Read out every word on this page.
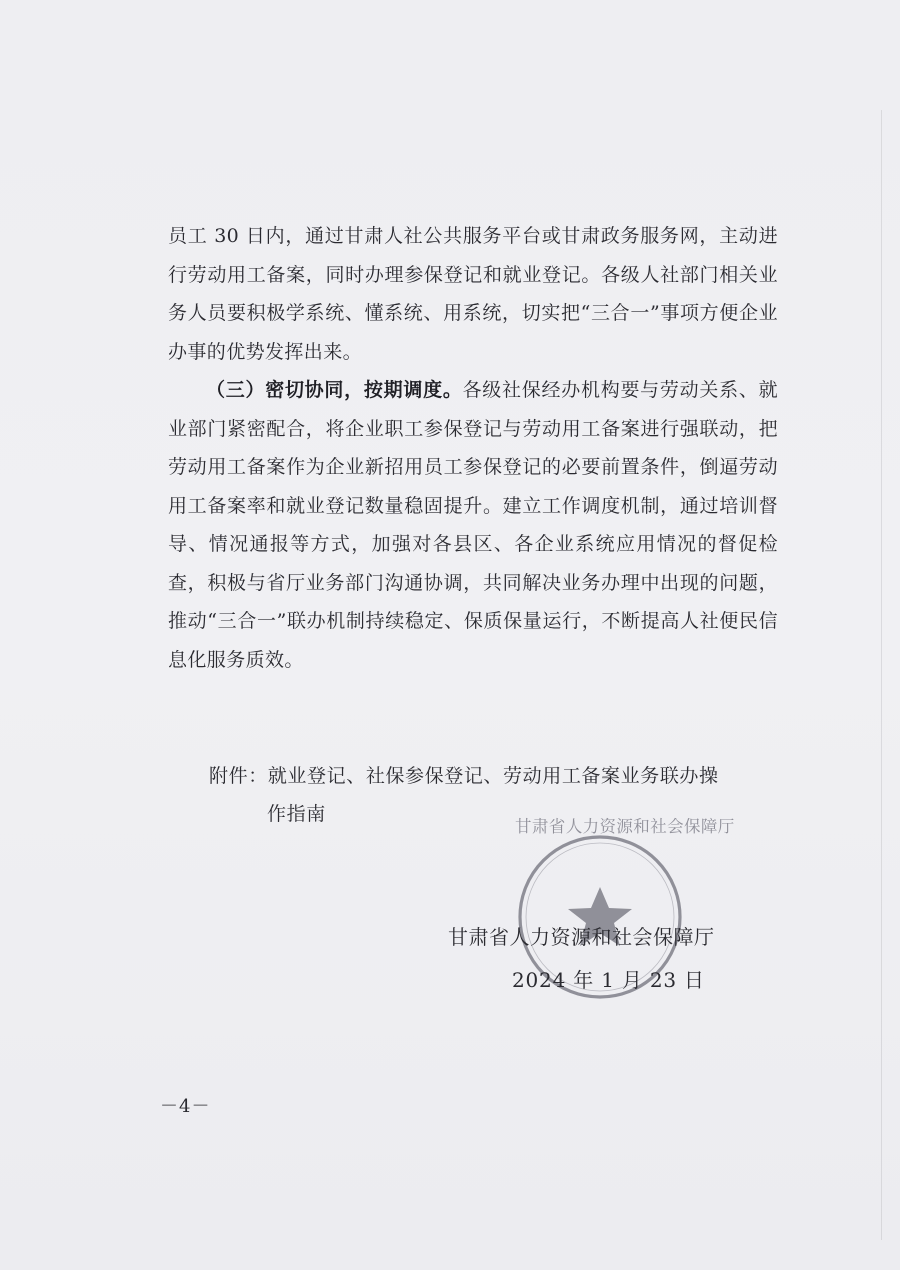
员工 30 日内，通过甘肃人社公共服务平台或甘肃政务服务网，主动进行劳动用工备案，同时办理参保登记和就业登记。各级人社部门相关业务人员要积极学系统、懂系统、用系统，切实把“三合一”事项方便企业办事的优势发挥出来。

（三）密切协同，按期调度。各级社保经办机构要与劳动关系、就业部门紧密配合，将企业职工参保登记与劳动用工备案进行强联动，把劳动用工备案作为企业新招用员工参保登记的必要前置条件，倒逼劳动用工备案率和就业登记数量稳固提升。建立工作调度机制，通过培训督导、情况通报等方式，加强对各县区、各企业系统应用情况的督促检查，积极与省厅业务部门沟通协调，共同解决业务办理中出现的问题，推动“三合一”联办机制持续稳定、保质保量运行，不断提高人社便民信息化服务质效。

附件：就业登记、社保参保登记、劳动用工备案业务联办操
作指南
甘肃省人力资源和社会保障厅
甘肃省人力资源和社会保障厅
2024 年 1 月 23 日
－4－
